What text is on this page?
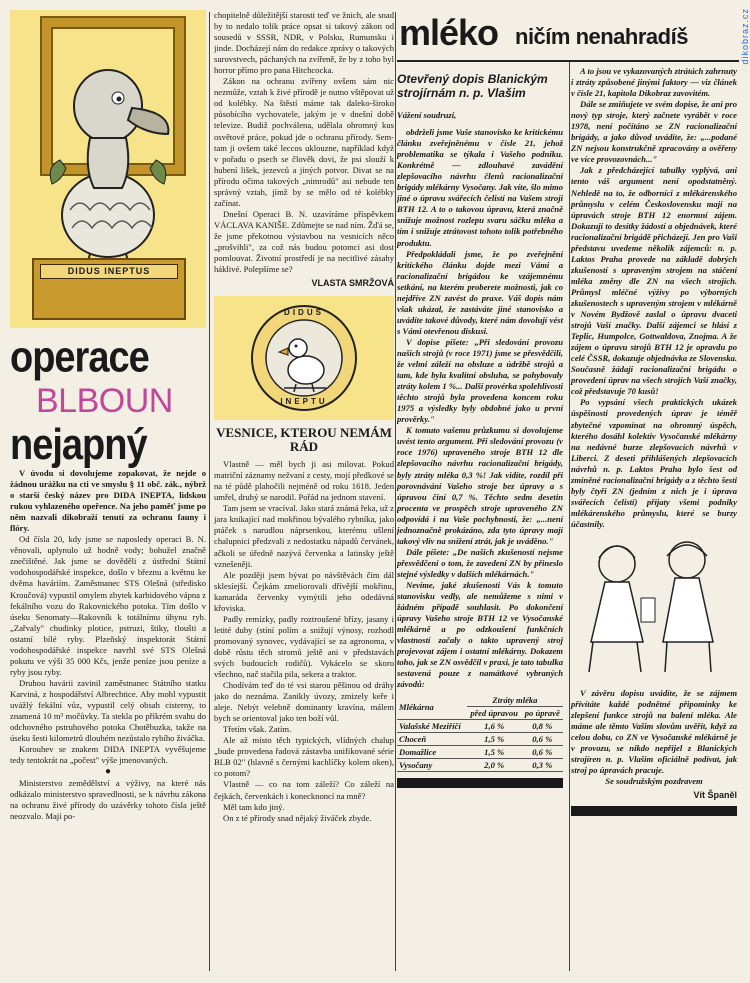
dikobraz.cz
DIDUS INEPTUS
operace
BLBOUN
nejapný

V úvodu si dovolujeme zopakovat, že nejde o žádnou urážku na cti ve smyslu § 11 obč. zák., nýbrž o starší český název pro DIDA INEPTA, lidskou rukou vyhlazeného opeřence. Na jeho paměť jsme po něm nazvali dikobraží tenutí za ochranu fauny i flóry.

Od čísla 20, kdy jsme se naposledy operaci B. N. věnovali, uplynulo už hodně vody; bohužel značně znečištěné. Jak jsme se dověděli z ústřední Státní vodohospodářské inspekce, došlo v březnu a květnu ke dvěma haváriím. Zaměstnanec STS Olešná (středisko Kroučová) vypustil omylem zbytek karbidového vápna z fekálního vozu do Rakovnického potoka. Tím došlo v úseku Senomaty—Rakovník k totálnímu úhynu ryb. „Zařvaly" chudinky plotice, pstruzi, štiky, tloušti a ostatní bílé ryby. Plzeňský inspektorát Státní vodohospodářské inspekce navrhl své STS Olešná pokutu ve výši 35 000 Kčs, jenže peníze jsou peníze a ryby jsou ryby.

Druhou havárii zavinil zaměstnanec Státního statku Karviná, z hospodářství Albrechtice. Aby mohl vypustit uvážlý fekální vůz, vypustil celý obsah cisterny, to znamená 10 m³ močůvky. Ta stekla po příkrém svahu do odchovného pstruhového potoka Chotěbuzka, takže na úseku šesti kilometrů dlouhém nezůstalo rybího živáčka.

Korouhev se znakem DIDA INEPTA vyvěšujeme tedy tentokrát na „počest" výše jmenovaných.

●

Ministerstvo zemědělství a výživy, na které nás odkázalo ministerstvo spravedlnosti, se k návrhu zákona na ochranu živé přírody do uzávěrky tohoto čísla ještě neozvalo. Mají po-

chopitelně důležitější starosti teď ve žnich, ale snad by to nedalo tolik práce opsat si takový zákon od sousedů v SSSR, NDR, v Polsku, Rumunsku i jinde. Docházejí nám do redakce zprávy o takových surovstvech, páchaných na zvířeně, že by z toho byl horror přímo pro pana Hitchcocka.

Zákon na ochranu zvířeny ovšem sám nic nezmůže, vztah k živé přírodě je nutno vštěpovat už od kolébky. Na štěstí máme tak daleko-široko působícího vychovatele, jakým je v dnešní době televize. Budiž pochválena, udělala ohromný kus osvětové práce, pokud jde o ochranu přírody. Sem-tam ji ovšem také leccos uklouzne, například když v pořadu o psech se člověk dovi, že psi slouží k hubení lišek, jezevců a jiných potvor. Divat se na přírodu očima takových „nimrodů" asi nebude ten správný vztah, jímž by se mělo od té kolébky začínat.

Dnešní Operaci B. N. uzavíráme příspěvkem VÁCLAVA KANIŠE. Zdůmejte se nad ním. Žďá se, že jsme překotnou výstavbou na vesnicích něco „prošvihli", za což nás budou potomci asi dost pomlouvat. Životní prostředí je na necitlivé zásahy háklivé. Polepšíme se?

VLASTA SMRŽOVÁ
DIDUS
INEPTU
VESNICE, KTEROU NEMÁM RÁD

Vlastně — měl bych ji asi milovat. Pokud matriční záznamy nežvaní z cesty, mojí předkové se na té půdě plahočili nejméně od roku 1618. Jeden umřel, druhý se narodil. Pořád na jednom stavení.

Tam jsem se vracíval. Jako stará známá řeka, už z jara knikající nad mokřinou bývalého rybníka, jako ptáček s narudlou náprsenkou, kterému ušlení chalupnici předzvali z nedostatku nápadů červánek, ačkoli se úředně nazývá červenka a latinsky ještě vznešeněji.

Ale později jsem bývat po návštěvách čím dál sklesíejší. Čejkám zmeliorovali dřívější mokřinu, kamaráda červenky vymýtili jeho odedávná křoviska.

Padly remízky, padly roztroušené břízy, jasany i letité duby (stíní polím a snižují výnosy, rozhodl promovaný synovec, vydávající se za agronoma, v době růstu těch stromů ještě ani v představách svých budoucích rodičů). Vykácelo se skoro všechno, nač stačila pila, sekera a traktor.

Chodívám teď do té vsi starou pěšinou od dráhy jako do neznáma. Zanikly úvozy, zmizely keře i aleje. Nebýt velebně dominanty kravína, málem bych se orientoval jako ten boží vůl.

Třetím však. Zatím.

Ale až místo těch typických, vlídných chalup „bude provedena řadová zástavba unifikované série BLB 02" (hlavně s černými kachlíčky kolem oken), co potom?

Vlastně — co na tom záleží? Co záleží na čejkách, červenkách i konecknoncí na mně?

Měl tam kdo jiný.

On z té přírody snad nějaký živáček zbyde.

mléko ničím nenahradíš
Otevřený dopis Blanickým strojírnám n. p. Vlašim

Vážení soudruzi,

obdrželi jsme Vaše stanovisko ke kritickému článku zveřejněnému v čísle 21, jehož problematika se týkala i Vašeho podniku. Konkrétně — zdlouhavé zavádění zlepšovacího návrhu členů racionalizační brigády mlékárny Vysočany. Jak víte, šlo mimo jiné o úpravu svářecích čelistí na Vašem stroji BTH 12. A to o takovou úpravu, která značně snižuje možnost rozlepu svaru sáčku mléka a tím i snižuje ztrátovost tohoto tolik potřebného produktu.

Předpokládali jsme, že po zveřejnění kritického článku dojde mezi Vámi a racionalizační brigádou ke vzájemnému setkání, na kterém proberete možnosti, jak co nejdříve ZN zavést do praxe. Váš dopis nám však ukázal, že zastáváte jiné stanovisko a uvádíte takové důvody, které nám dovolují vést s Vámi otevřenou diskusi.

V dopise píšete: „Při sledování provozu našich strojů (v roce 1971) jsme se přesvědčili, že velmi záleží na obsluze a údržbě strojů a tam, kde byla kvalitní obsluha, se pohybovaly ztráty kolem 1 %... Další provérka spolehlivosti těchto strojů byla provedena koncem roku 1975 a výsledky byly obdobné jako u první prověrky."

K tomuto vašemu průzkumu si dovolujeme uvést tento argument. Při sledování provozu (v roce 1976) upraveného stroje BTH 12 dle zlepšovacího návrhu racionalizační brigády, byly ztráty mléka 0,3 %! Jak vidíte, rozdíl při porovnávání Vašeho stroje bez úpravy a s úpravou činí 0,7 %. Těchto sedm desetin procenta ve prospěch stroje upraveného ZN odpovídá i na Vaše pochybnosti, že: „...není jednoznačně prokázáno, zda tyto úpravy mají takový vliv na snížení ztrát, jak je uváděno."

Dále píšete: „De našich zkušeností nejsme přesvědčeni o tom, že zavedení ZN by přineslo stejné výsledky v dalších mlékárnách."

Nevíme, jaké zkušenosti Vás k tomuto stanovisku vedly, ale nemůžeme s nimi v žádném případě souhlasit. Po dokončení úpravy Vašeho stroje BTH 12 ve Vysočanské mlékárně a po odzkoušení funkčních vlastností začaly o takto upravený stroj projevovat zájem i ostatní mlékárny. Dokazem toho, jak se ZN osvědčil v praxi, je tato tabulka sestavená pouze z namátkové vybraných závodů:

Mlékárna	Ztráty mléka	
	před úpravou	po úpravě
Valašské Meziříčí	1,6 %	0,8 %
Choceň	1,5 %	0,6 %
Domažlice	1,5 %	0,6 %
Vysočany	2,0 %	0,3 %

A to jsou ve vykazovaných ztrátách zahrnuty i ztráty způsobené jinými faktory — viz článek v čísle 21, kapitola Dikobraz zavovitém.

Dále se zmiňujete ve svém dopise, že ani pro nový typ stroje, který začnete vyrábět v roce 1978, není počítáno se ZN racionalizační brigády, a jako důvod uvádíte, že: „...podané ZN nejsou konstrukčně zpracovány a ověřeny ve více provozovnách..."

Jak z předcházející tabulky vyplývá, ani tento váš argument není opodstatněný. Nehledě na to, že odborníci z mlékárenského průmyslu v celém Československu mají na úpravách stroje BTH 12 enormní zájem. Dokazují to desítky žádostí a objednávek, které racionalizační brigádě přicházejí. Jen pro Vaši představu uvedeme několik zájemců: n. p. Laktos Praha provede na základě dobrých zkušeností s upraveným strojem na stáčení mléka změny dle ZN na všech strojích. Průmysl mléčné výživy po výborných zkušenostech s upraveným strojem v mlékárně v Novém Bydžově zaslal o úpravu dvaceti strojů Vaší značky. Další zájemci se hlásí z Teplic, Humpolce, Gottwaldova, Znojma. A že zájem o úpravu strojů BTH 12 je opravdu po celé ČSSR, dokazuje objednávka ze Slovenska. Současně žádají racionalizační brigádu o provedení úprav na všech strojích Vaší značky, což představuje 70 kusů!

Po vypsání všech praktických ukázek úspěšnosti provedených úprav je téměř zbytečné vzpomínat na ohromný úspěch, kterého dosáhl kolektiv Vysočanské mlékárny na nedávné burze zlepšovacích návrhů v Liberci. Z deseti přihlášených zlepšovacích návrhů n. p. Laktos Praha bylo šest od zmíněné racionalizační brigády a z těchto šesti byly čtyři ZN (jedním z nich je i úprava svářecích čelistí) přijaty všemi podniky mlékárenského průmyslu, které se burzy účastnily.

V závěru dopisu uvádíte, že se zájmem přivítáte každé podnětné připomínky ke zlepšení funkce strojů na balení mléka. Ale máme ale těmto Vašim slovům uvěřit, když za celou dobu, co ZN ve Vysočanské mlékárně je v provozu, se nikdo nepřijel z Blanických strojíren n. p. Vlašim oficiálně podívat, jak stroj po úpravách pracuje.

Se soudružským pozdravem

Vít Španěl
